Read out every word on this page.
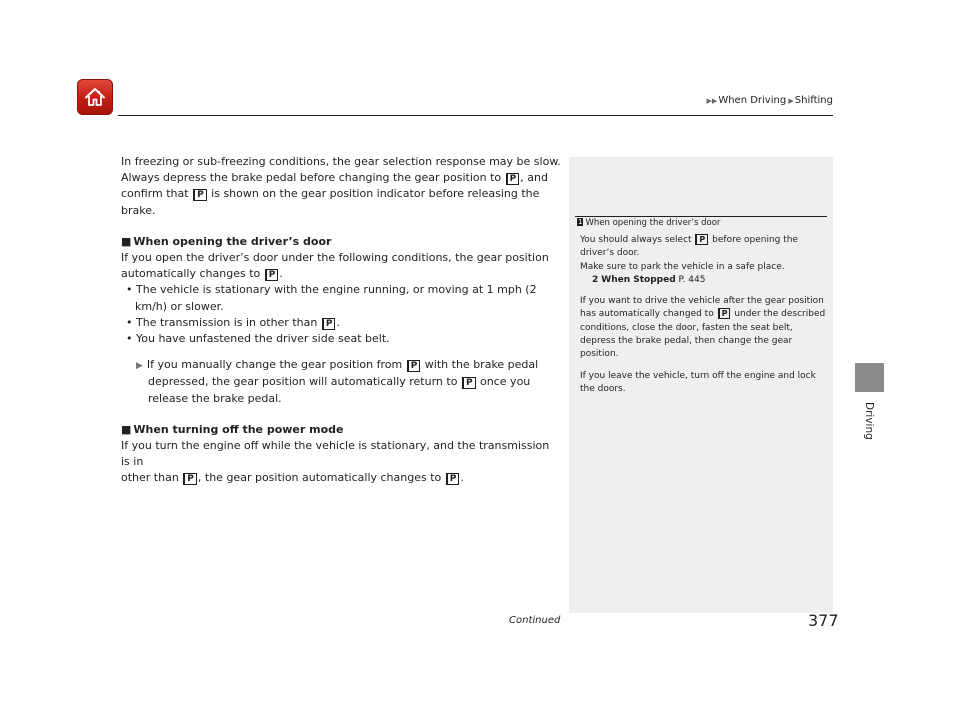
▶▶When Driving ▶Shifting

In freezing or sub-freezing conditions, the gear selection response may be slow.
Always depress the brake pedal before changing the gear position to P , and
confirm that P is shown on the gear position indicator before releasing the brake.

■ When opening the driver’s door

If you open the driver’s door under the following conditions, the gear position
automatically changes to P .

• The vehicle is stationary with the engine running, or moving at 1 mph (2 km/h) or slower.

• The transmission is in other than P .

• You have unfastened the driver side seat belt.

▶ If you manually change the gear position from P with the brake pedal depressed, the gear position will automatically return to P once you release the brake pedal.

■ When turning off the power mode

If you turn the engine off while the vehicle is stationary, and the transmission is in
other than P , the gear position automatically changes to P .

1 When opening the driver’s door

You should always select P before opening the driver’s door.

Make sure to park the vehicle in a safe place.

2 When Stopped P. 445

If you want to drive the vehicle after the gear position has automatically changed to P under the described conditions, close the door, fasten the seat belt, depress the brake pedal, then change the gear position.

If you leave the vehicle, turn off the engine and lock the doors.

Driving
Continued	377
